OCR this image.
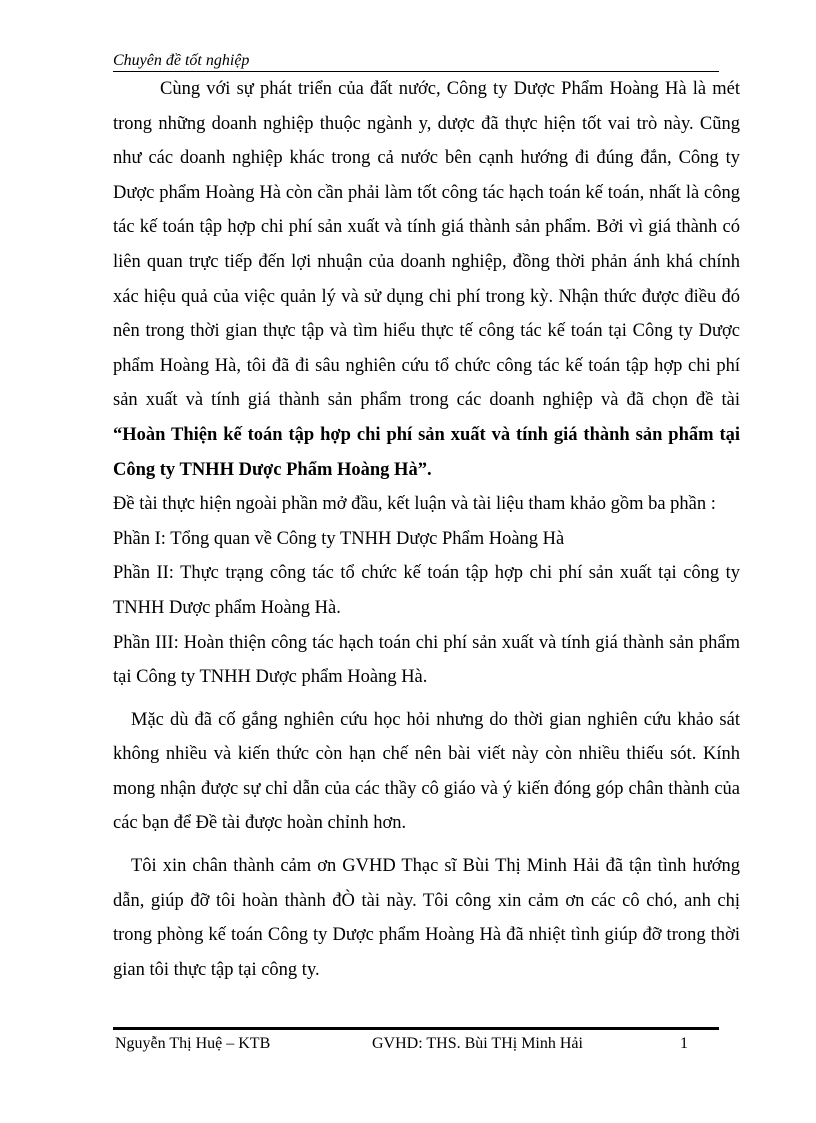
Chuyên đề tốt nghiệp

Cùng với sự phát triển của đất nước, Công ty Dược Phẩm Hoàng Hà là mét trong những doanh nghiệp thuộc ngành y, dược đã thực hiện tốt vai trò này. Cũng như các doanh nghiệp khác trong cả nước bên cạnh hướng đi đúng đắn, Công ty Dược phẩm Hoàng Hà còn cần phải làm tốt công tác hạch toán kế toán, nhất là công tác kế toán tập hợp chi phí sản xuất và tính giá thành sản phẩm. Bởi vì giá thành có liên quan trực tiếp đến lợi nhuận của doanh nghiệp, đồng thời phản ánh khá chính xác hiệu quả của việc quản lý và sử dụng chi phí trong kỳ. Nhận thức được điều đó nên trong thời gian thực tập và tìm hiểu thực tế công tác kế toán tại Công ty Dược phẩm Hoàng Hà, tôi đã đi sâu nghiên cứu tổ chức công tác kế toán tập hợp chi phí sản xuất và tính giá thành sản phẩm trong các doanh nghiệp và đã chọn đề tài “Hoàn Thiện kế toán tập hợp chi phí sản xuất và tính giá thành sản phẩm tại Công ty TNHH Dược Phẩm Hoàng Hà”.

Đề tài thực hiện ngoài phần mở đầu, kết luận và tài liệu tham khảo gồm ba phần :

Phần I: Tổng quan về Công ty TNHH Dược Phẩm Hoàng Hà

Phần II: Thực trạng công tác tổ chức kế toán tập hợp chi phí sản xuất tại công ty TNHH Dược phẩm Hoàng Hà.

Phần III: Hoàn thiện công tác hạch toán chi phí sản xuất và tính giá thành sản phẩm tại Công ty TNHH Dược phẩm Hoàng Hà.

Mặc dù đã cố gắng nghiên cứu học hỏi nhưng do thời gian nghiên cứu khảo sát không nhiều và kiến thức còn hạn chế nên bài viết này còn nhiều thiếu sót. Kính mong nhận được sự chỉ dẫn của các thầy cô giáo và ý kiến đóng góp chân thành của các bạn để Đề tài được hoàn chỉnh hơn.

Tôi xin chân thành cảm ơn GVHD Thạc sĩ Bùi Thị Minh Hải đã tận tình hướng dẫn, giúp đỡ tôi hoàn thành đÒ tài này. Tôi công xin cảm ơn các cô chó, anh chị trong phòng kế toán Công ty Dược phẩm Hoàng Hà đã nhiệt tình giúp đỡ trong thời gian tôi thực tập tại công ty.

Nguyễn Thị Huệ – KTB	GVHD: THS. Bùi THị Minh Hải	1
